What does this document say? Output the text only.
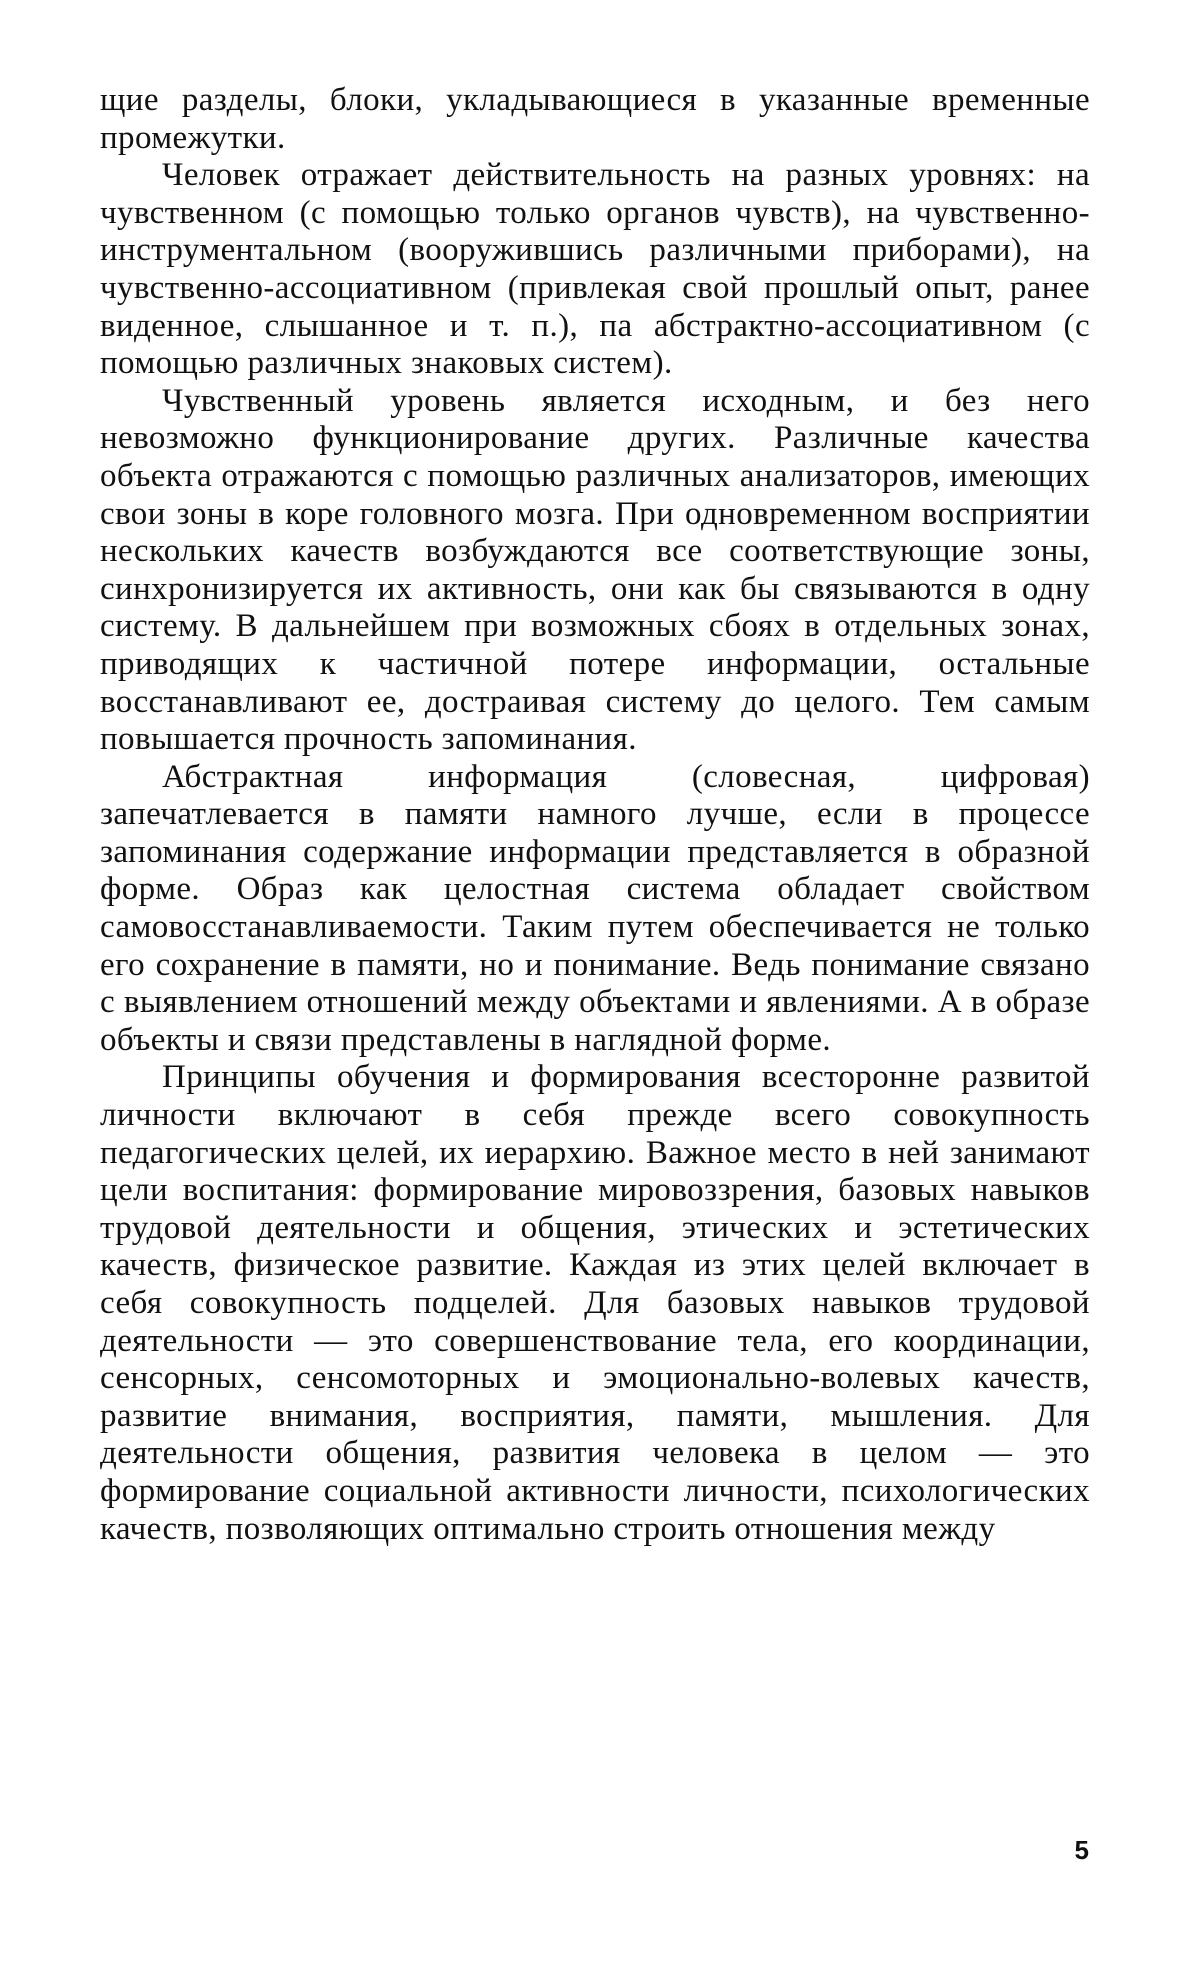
щие разделы, блоки, укладывающиеся в указанные временные промежутки.

Человек отражает действительность на разных уровнях: на чувственном (с помощью только органов чувств), на чувственно-инструментальном (вооружившись различными приборами), на чувственно-ассоциативном (привлекая свой прошлый опыт, ранее виденное, слышанное и т. п.), па абстрактно-ассоциативном (с помощью различных знаковых систем).

Чувственный уровень является исходным, и без него невозможно функционирование других. Различные качества объекта отражаются с помощью различных анализаторов, имеющих свои зоны в коре головного мозга. При одновременном восприятии нескольких качеств возбуждаются все соответствующие зоны, синхронизируется их активность, они как бы связываются в одну систему. В дальнейшем при возможных сбоях в отдельных зонах, приводящих к частичной потере информации, остальные восстанавливают ее, достраивая систему до целого. Тем самым повышается прочность запоминания.

Абстрактная информация (словесная, цифровая) запечатлевается в памяти намного лучше, если в процессе запоминания содержание информации представляется в образной форме. Образ как целостная система обладает свойством самовосстанавливаемости. Таким путем обеспечивается не только его сохранение в памяти, но и понимание. Ведь понимание связано с выявлением отношений между объектами и явлениями. А в образе объекты и связи представлены в наглядной форме.

Принципы обучения и формирования всесторонне развитой личности включают в себя прежде всего совокупность педагогических целей, их иерархию. Важное место в ней занимают цели воспитания: формирование мировоззрения, базовых навыков трудовой деятельности и общения, этических и эстетических качеств, физическое развитие. Каждая из этих целей включает в себя совокупность подцелей. Для базовых навыков трудовой деятельности — это совершенствование тела, его координации, сенсорных, сенсомоторных и эмоционально-волевых качеств, развитие внимания, восприятия, памяти, мышления. Для деятельности общения, развития человека в целом — это формирование социальной активности личности, психологических качеств, позволяющих оптимально строить отношения между

5
